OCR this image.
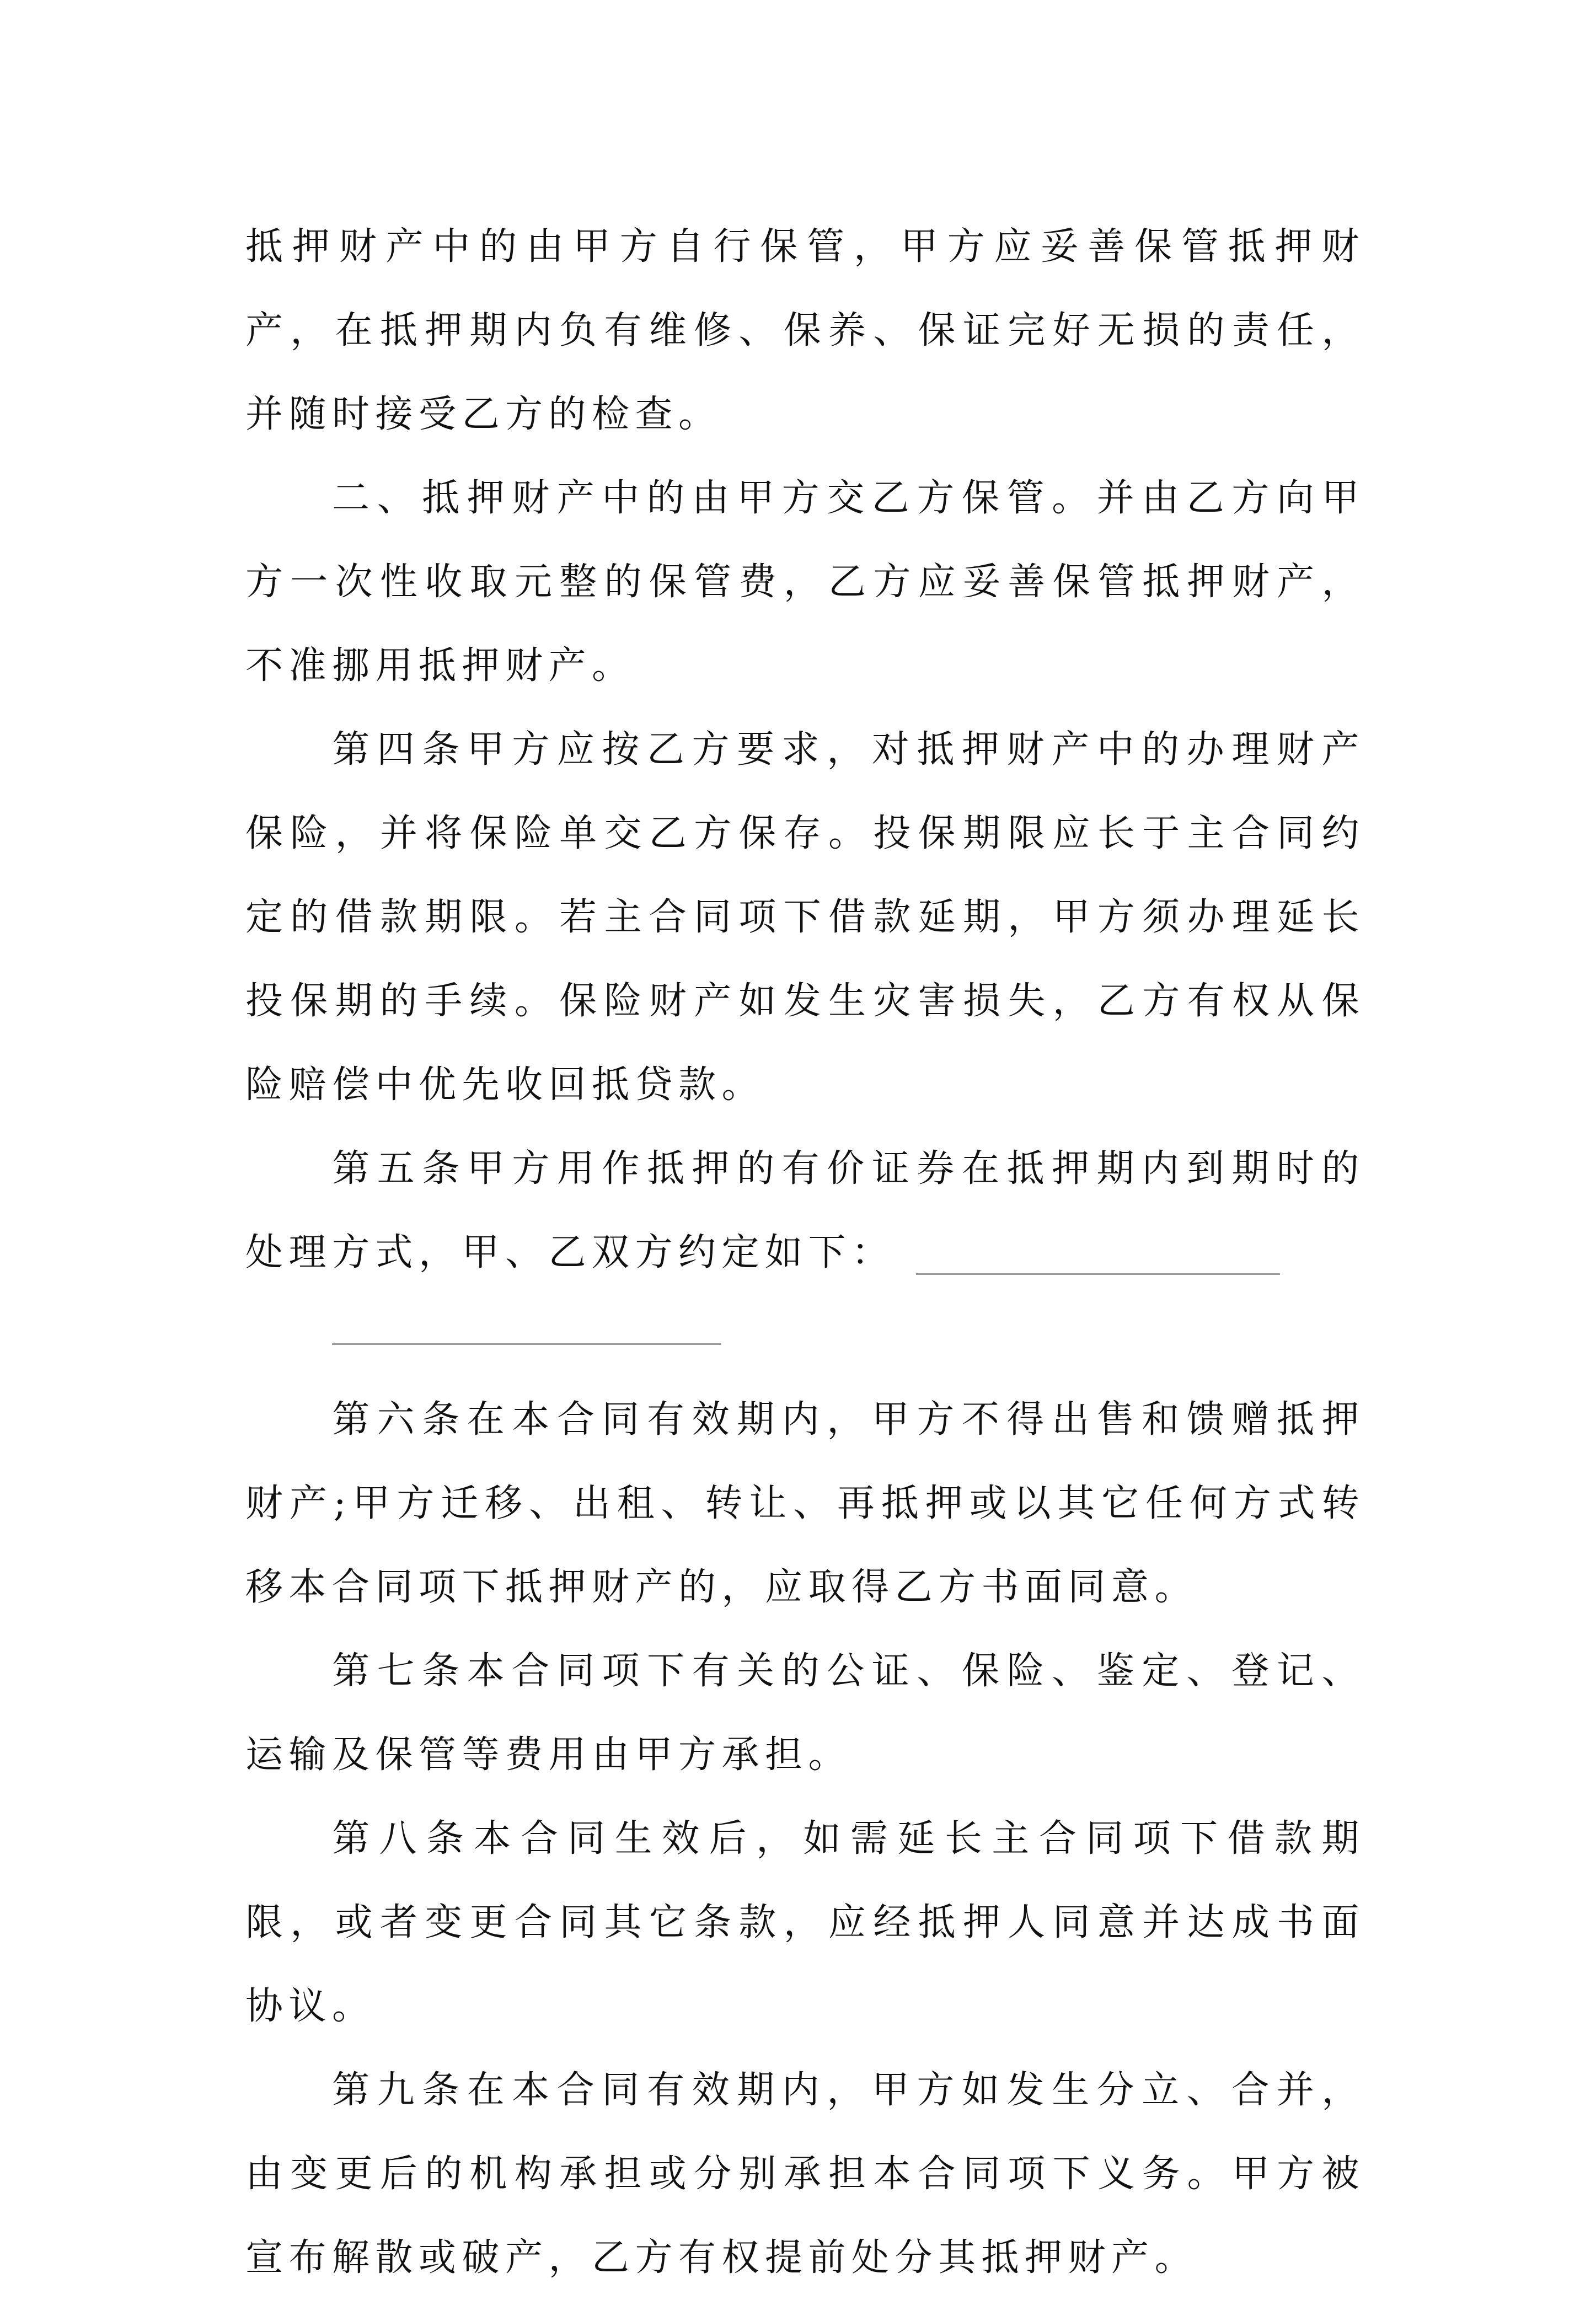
抵押财产中的由甲方自行保管，甲方应妥善保管抵押财产，在抵押期内负有维修、保养、保证完好无损的责任，并随时接受乙方的检查。

二、抵押财产中的由甲方交乙方保管。并由乙方向甲方一次性收取元整的保管费，乙方应妥善保管抵押财产，不准挪用抵押财产。

第四条甲方应按乙方要求，对抵押财产中的办理财产保险，并将保险单交乙方保存。投保期限应长于主合同约定的借款期限。若主合同项下借款延期，甲方须办理延长投保期的手续。保险财产如发生灾害损失，乙方有权从保险赔偿中优先收回抵贷款。

第五条甲方用作抵押的有价证券在抵押期内到期时的处理方式，甲、乙双方约定如下：

第六条在本合同有效期内，甲方不得出售和馈赠抵押财产;甲方迁移、出租、转让、再抵押或以其它任何方式转移本合同项下抵押财产的，应取得乙方书面同意。

第七条本合同项下有关的公证、保险、鉴定、登记、运输及保管等费用由甲方承担。

第八条本合同生效后，如需延长主合同项下借款期限，或者变更合同其它条款，应经抵押人同意并达成书面协议。

第九条在本合同有效期内，甲方如发生分立、合并，由变更后的机构承担或分别承担本合同项下义务。甲方被宣布解散或破产，乙方有权提前处分其抵押财产。
